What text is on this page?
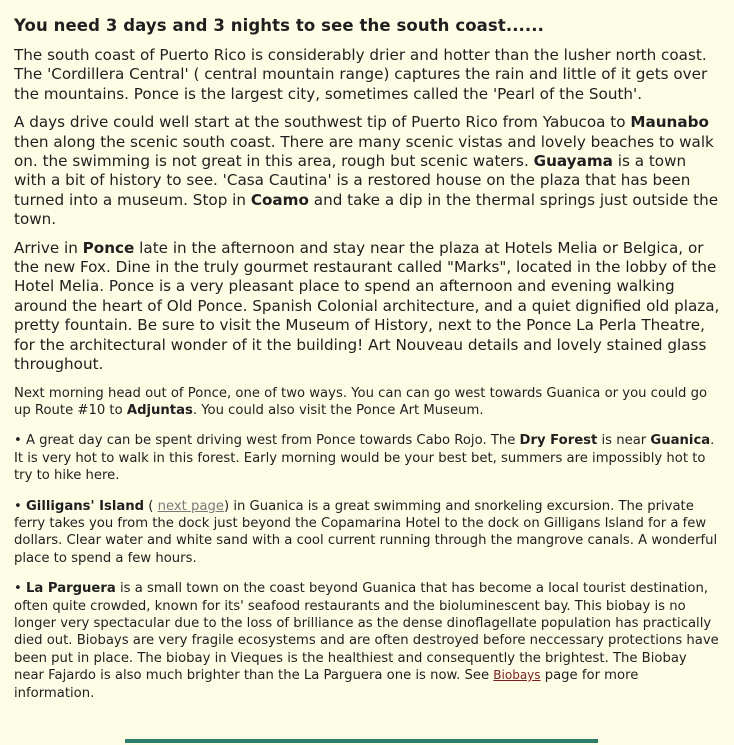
You need 3 days and 3 nights to see the south coast......

The south coast of Puerto Rico is considerably drier and hotter than the lusher north coast. The 'Cordillera Central' ( central mountain range) captures the rain and little of it gets over the mountains. Ponce is the largest city, sometimes called the 'Pearl of the South'.

A days drive could well start at the southwest tip of Puerto Rico from Yabucoa to Maunabo then along the scenic south coast. There are many scenic vistas and lovely beaches to walk on. the swimming is not great in this area, rough but scenic waters. Guayama is a town with a bit of history to see. 'Casa Cautina' is a restored house on the plaza that has been turned into a museum. Stop in Coamo and take a dip in the thermal springs just outside the town.

Arrive in Ponce late in the afternoon and stay near the plaza at Hotels Melia or Belgica, or the new Fox. Dine in the truly gourmet restaurant called "Marks", located in the lobby of the Hotel Melia. Ponce is a very pleasant place to spend an afternoon and evening walking around the heart of Old Ponce. Spanish Colonial architecture, and a quiet dignified old plaza, pretty fountain. Be sure to visit the Museum of History, next to the Ponce La Perla Theatre, for the architectural wonder of it the building! Art Nouveau details and lovely stained glass throughout.

Next morning head out of Ponce, one of two ways. You can can go west towards Guanica or you could go up Route #10 to Adjuntas. You could also visit the Ponce Art Museum.

• A great day can be spent driving west from Ponce towards Cabo Rojo. The Dry Forest is near Guanica. It is very hot to walk in this forest. Early morning would be your best bet, summers are impossibly hot to try to hike here.

• Gilligans' Island ( next page) in Guanica is a great swimming and snorkeling excursion. The private ferry takes you from the dock just beyond the Copamarina Hotel to the dock on Gilligans Island for a few dollars. Clear water and white sand with a cool current running through the mangrove canals. A wonderful place to spend a few hours.

• La Parguera is a small town on the coast beyond Guanica that has become a local tourist destination, often quite crowded, known for its' seafood restaurants and the bioluminescent bay. This biobay is no longer very spectacular due to the loss of brilliance as the dense dinoflagellate population has practically died out. Biobays are very fragile ecosystems and are often destroyed before neccessary protections have been put in place. The biobay in Vieques is the healthiest and consequently the brightest. The Biobay near Fajardo is also much brighter than the La Parguera one is now. See Biobays page for more information.
